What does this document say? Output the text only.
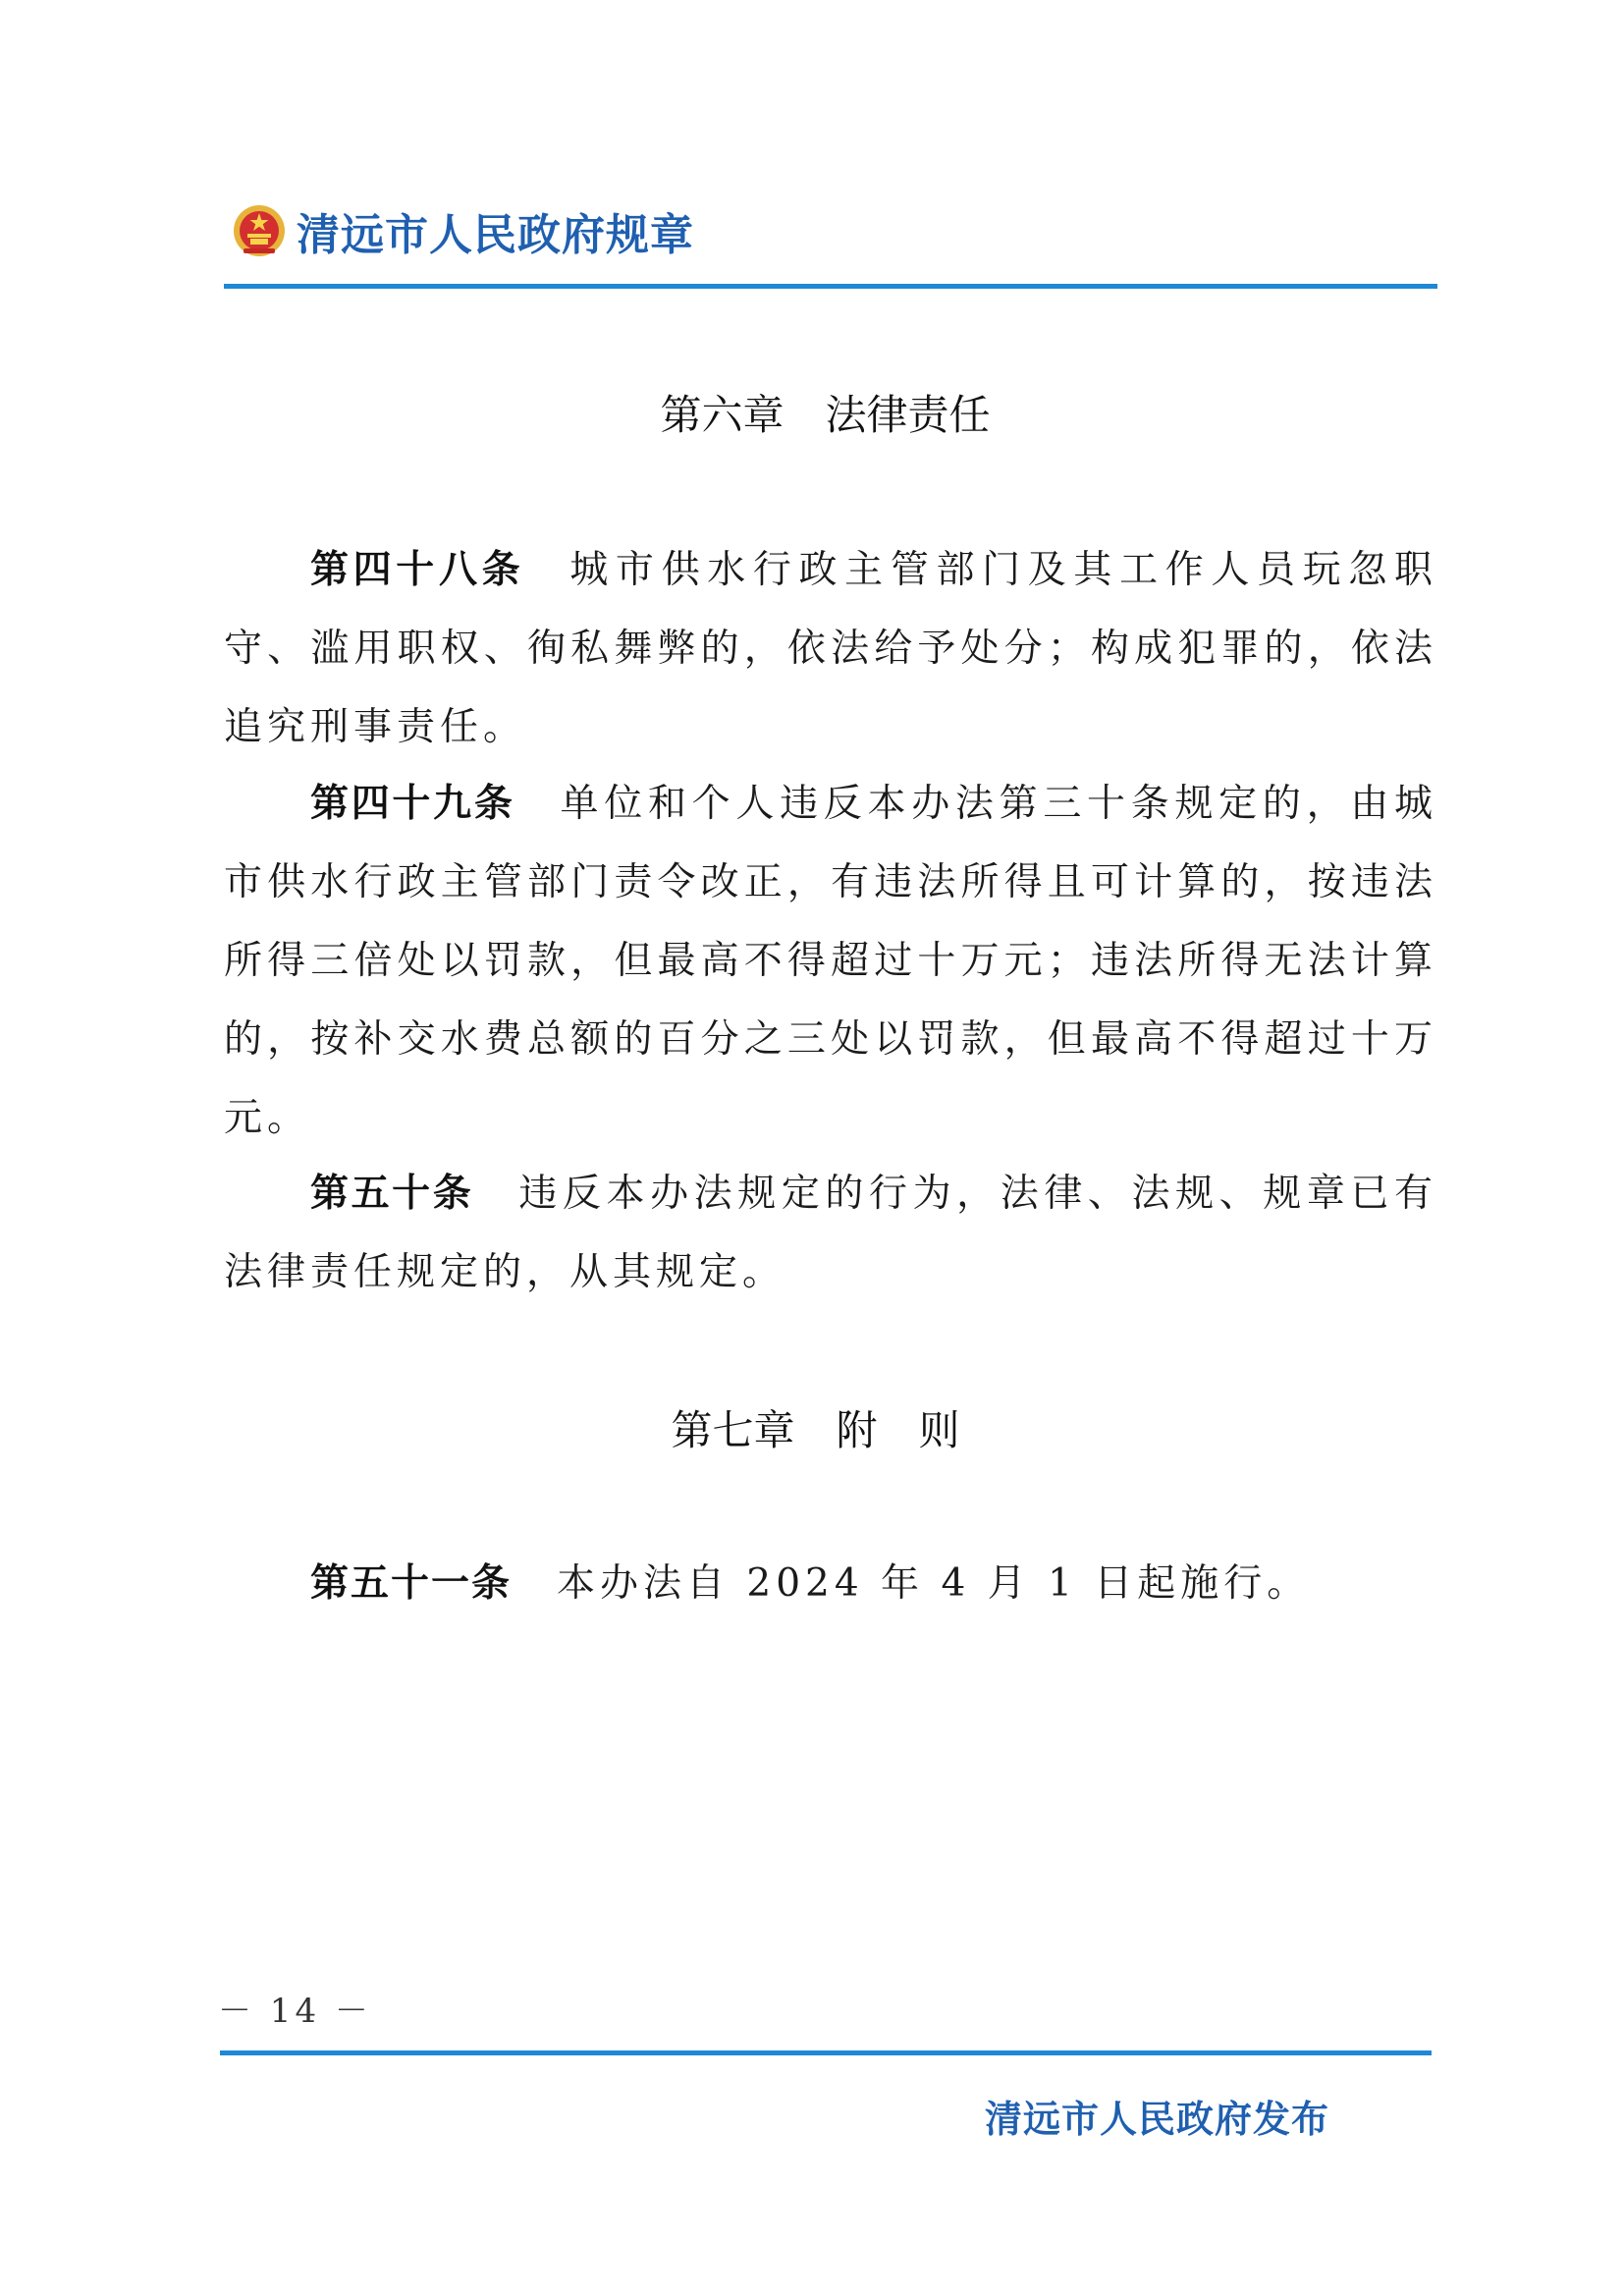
清远市人民政府规章
第六章　法律责任

第四十八条 城市供水行政主管部门及其工作人员玩忽职守、滥用职权、徇私舞弊的，依法给予处分；构成犯罪的，依法追究刑事责任。

第四十九条 单位和个人违反本办法第三十条规定的，由城市供水行政主管部门责令改正，有违法所得且可计算的，按违法所得三倍处以罚款，但最高不得超过十万元；违法所得无法计算的，按补交水费总额的百分之三处以罚款，但最高不得超过十万元。

第五十条 违反本办法规定的行为，法律、法规、规章已有法律责任规定的，从其规定。

第七章　附　则

第五十一条 本办法自 2024 年 4 月 1 日起施行。

－ 14 －
清远市人民政府发布
